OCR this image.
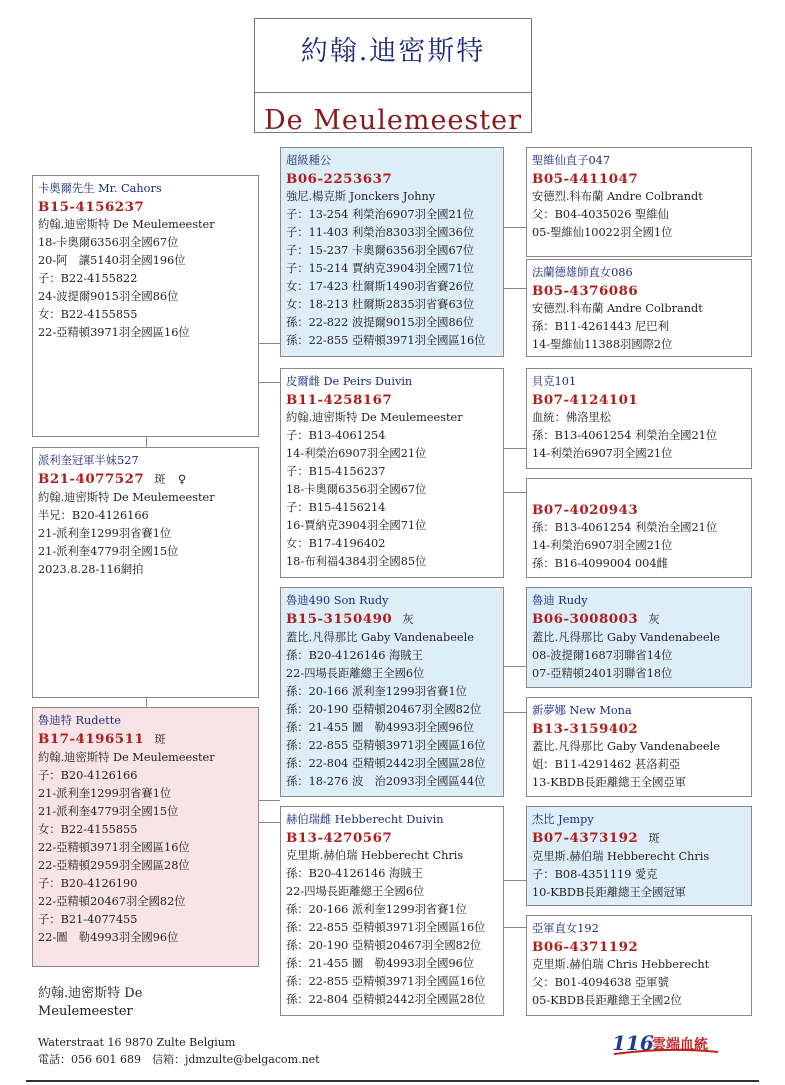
約翰.迪密斯特
De Meulemeester
卡奧爾先生 Mr. Cahors
B15-4156237
約翰.迪密斯特 De Meulemeester
18-卡奧爾6356羽全國67位
20-阿　讓5140羽全國196位
子：B22-4155822
24-波提爾9015羽全國86位
女：B22-4155855
22-亞精頓3971羽全國區16位
派利奎冠軍半妹527
B21-4077527 斑　♀
約翰.迪密斯特 De Meulemeester
半兄：B20-4126166
21-派利奎1299羽省賽1位
21-派利奎4779羽全國15位
2023.8.28-116網拍
魯迪特 Rudette
B17-4196511 斑
約翰.迪密斯特 De Meulemeester
子：B20-4126166
21-派利奎1299羽省賽1位
21-派利奎4779羽全國15位
女：B22-4155855
22-亞精頓3971羽全國區16位
22-亞精頓2959羽全國區28位
子：B20-4126190
22-亞精頓20467羽全國82位
子：B21-4077455
22-圖　勒4993羽全國96位
超級種公
B06-2253637
強尼.楊克斯 Jonckers Johny
子：13-254 利榮治6907羽全國21位
子：11-403 利榮治8303羽全國36位
子：15-237 卡奧爾6356羽全國67位
子：15-214 賈納克3904羽全國71位
女：17-423 杜爾斯1490羽省賽26位
女：18-213 杜爾斯2835羽省賽63位
孫：22-822 波提爾9015羽全國86位
孫：22-855 亞精頓3971羽全國區16位
皮爾雌 De Peirs Duivin
B11-4258167
約翰.迪密斯特 De Meulemeester
子：B13-4061254
14-利榮治6907羽全國21位
子：B15-4156237
18-卡奧爾6356羽全國67位
子：B15-4156214
16-賈納克3904羽全國71位
女：B17-4196402
18-布利福4384羽全國85位
魯迪490 Son Rudy
B15-3150490 灰
蓋比.凡得那比 Gaby Vandenabeele
孫：B20-4126146 海賊王
22-四場長距離總王全國6位
孫：20-166 派利奎1299羽省賽1位
孫：20-190 亞精頓20467羽全國82位
孫：21-455 圖　勒4993羽全國96位
孫：22-855 亞精頓3971羽全國區16位
孫：22-804 亞精頓2442羽全國區28位
孫：18-276 波　治2093羽全國區44位
赫伯瑞雌 Hebberecht Duivin
B13-4270567
克里斯.赫伯瑞 Hebberecht Chris
孫：B20-4126146 海賊王
22-四場長距離總王全國6位
孫：20-166 派利奎1299羽省賽1位
孫：22-855 亞精頓3971羽全國區16位
孫：20-190 亞精頓20467羽全國82位
孫：21-455 圖　勒4993羽全國96位
孫：22-855 亞精頓3971羽全國區16位
孫：22-804 亞精頓2442羽全國區28位
聖維仙直子047
B05-4411047
安德烈.科布蘭 Andre Colbrandt
父：B04-4035026 聖維仙
05-聖維仙10022羽全國1位
法蘭德雄師直女086
B05-4376086
安德烈.科布蘭 Andre Colbrandt
孫：B11-4261443 尼巴利
14-聖維仙11388羽國際2位
貝克101
B07-4124101
血統：佛洛里松
孫：B13-4061254 利榮治全國21位
14-利榮治6907羽全國21位

B07-4020943
孫：B13-4061254 利榮治全國21位
14-利榮治6907羽全國21位
孫：B16-4099004 004雌
魯迪 Rudy
B06-3008003 灰
蓋比.凡得那比 Gaby Vandenabeele
08-波提爾1687羽聯省14位
07-亞精頓2401羽聯省18位
新夢娜 New Mona
B13-3159402
蓋比.凡得那比 Gaby Vandenabeele
姐：B11-4291462 甚洛莉亞
13-KBDB長距離總王全國亞軍
杰比 Jempy
B07-4373192 斑
克里斯.赫伯瑞 Hebberecht Chris
子：B08-4351119 愛克
10-KBDB長距離總王全國冠軍
亞軍直女192
B06-4371192
克里斯.赫伯瑞 Chris Hebberecht
父：B01-4094638 亞軍號
05-KBDB長距離總王全國2位
約翰.迪密斯特 De Meulemeester
Waterstraat 16 9870 Zulte Belgium
電話：056 601 689　信箱：jdmzulte@belgacom.net
116
雲端血統
